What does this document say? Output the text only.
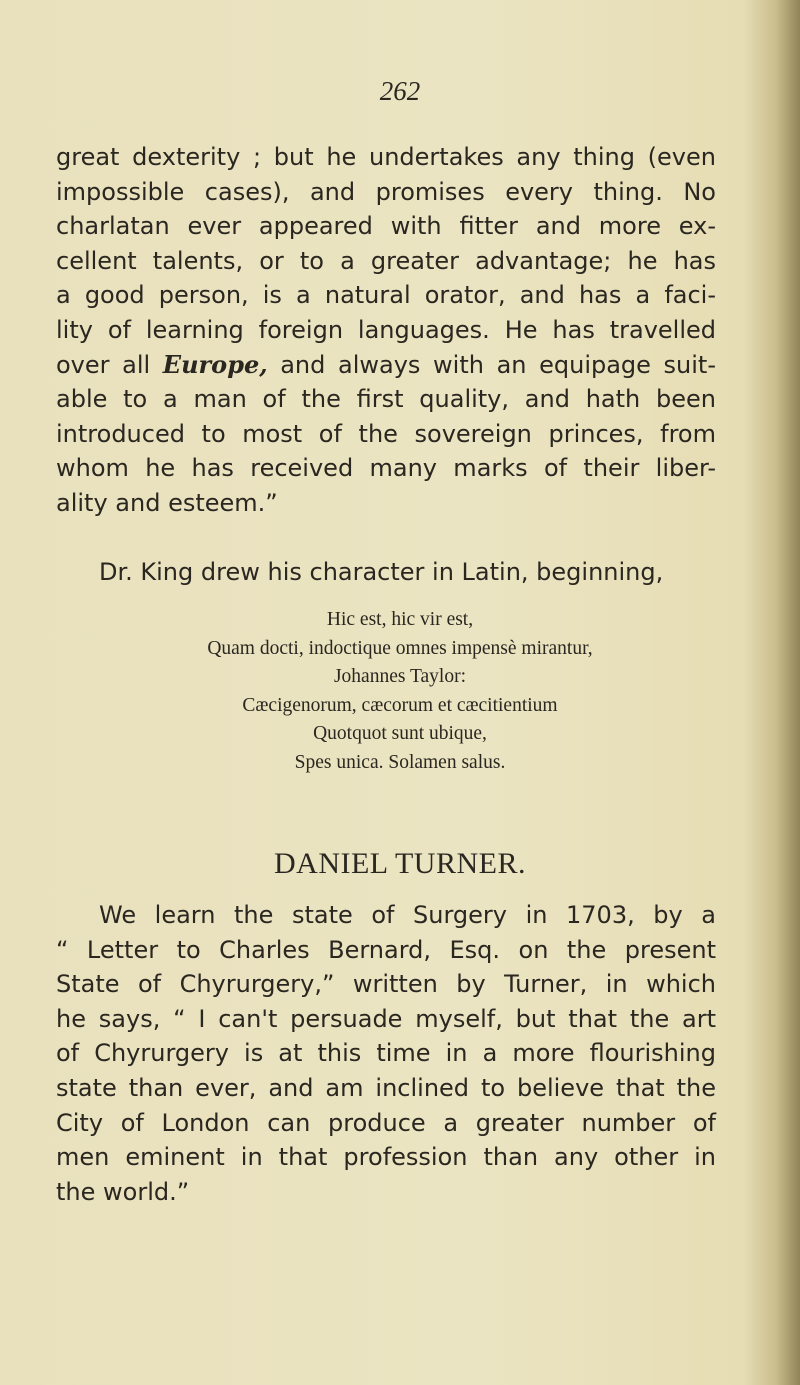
262
great dexterity ; but he undertakes any thing (even
impossible cases), and promises every thing. No
charlatan ever appeared with fitter and more ex-
cellent talents, or to a greater advantage; he has
a good person, is a natural orator, and has a faci-
lity of learning foreign languages. He has travelled
over all Europe, and always with an equipage suit-
able to a man of the first quality, and hath been
introduced to most of the sovereign princes, from
whom he has received many marks of their liber-
ality and esteem.”
Dr. King drew his character in Latin, beginning,
Hic est, hic vir est,
Quam docti, indoctique omnes impensè mirantur,
Johannes Taylor:
Cæcigenorum, cæcorum et cæcitientium
Quotquot sunt ubique,
Spes unica. Solamen salus.
DANIEL TURNER.
We learn the state of Surgery in 1703, by a
“ Letter to Charles Bernard, Esq. on the present
State of Chyrurgery,” written by Turner, in which
he says, “ I can't persuade myself, but that the art
of Chyrurgery is at this time in a more flourishing
state than ever, and am inclined to believe that the
City of London can produce a greater number of
men eminent in that profession than any other in
the world.”
